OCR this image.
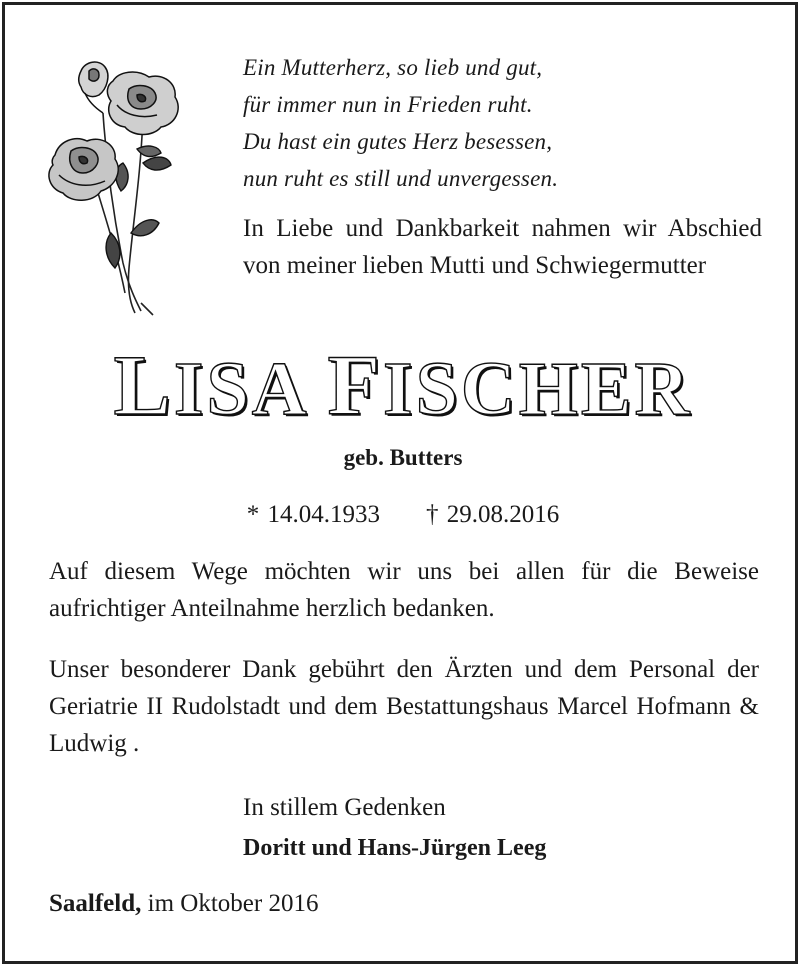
Ein Mutterherz, so lieb und gut,
für immer nun in Frieden ruht.
Du hast ein gutes Herz besessen,
nun ruht es still und unvergessen.
In Liebe und Dankbarkeit nahmen wir Abschied von meiner lieben Mutti und Schwiegermutter
LISA FISCHER
geb. Butters
* 14.04.1933 † 29.08.2016
Auf diesem Wege möchten wir uns bei allen für die Beweise aufrichtiger Anteilnahme herzlich bedanken.
Unser besonderer Dank gebührt den Ärzten und dem Personal der Geriatrie II Rudolstadt und dem Bestattungshaus Marcel Hofmann & Ludwig .
In stillem Gedenken
Doritt und Hans-Jürgen Leeg
Saalfeld, im Oktober 2016
